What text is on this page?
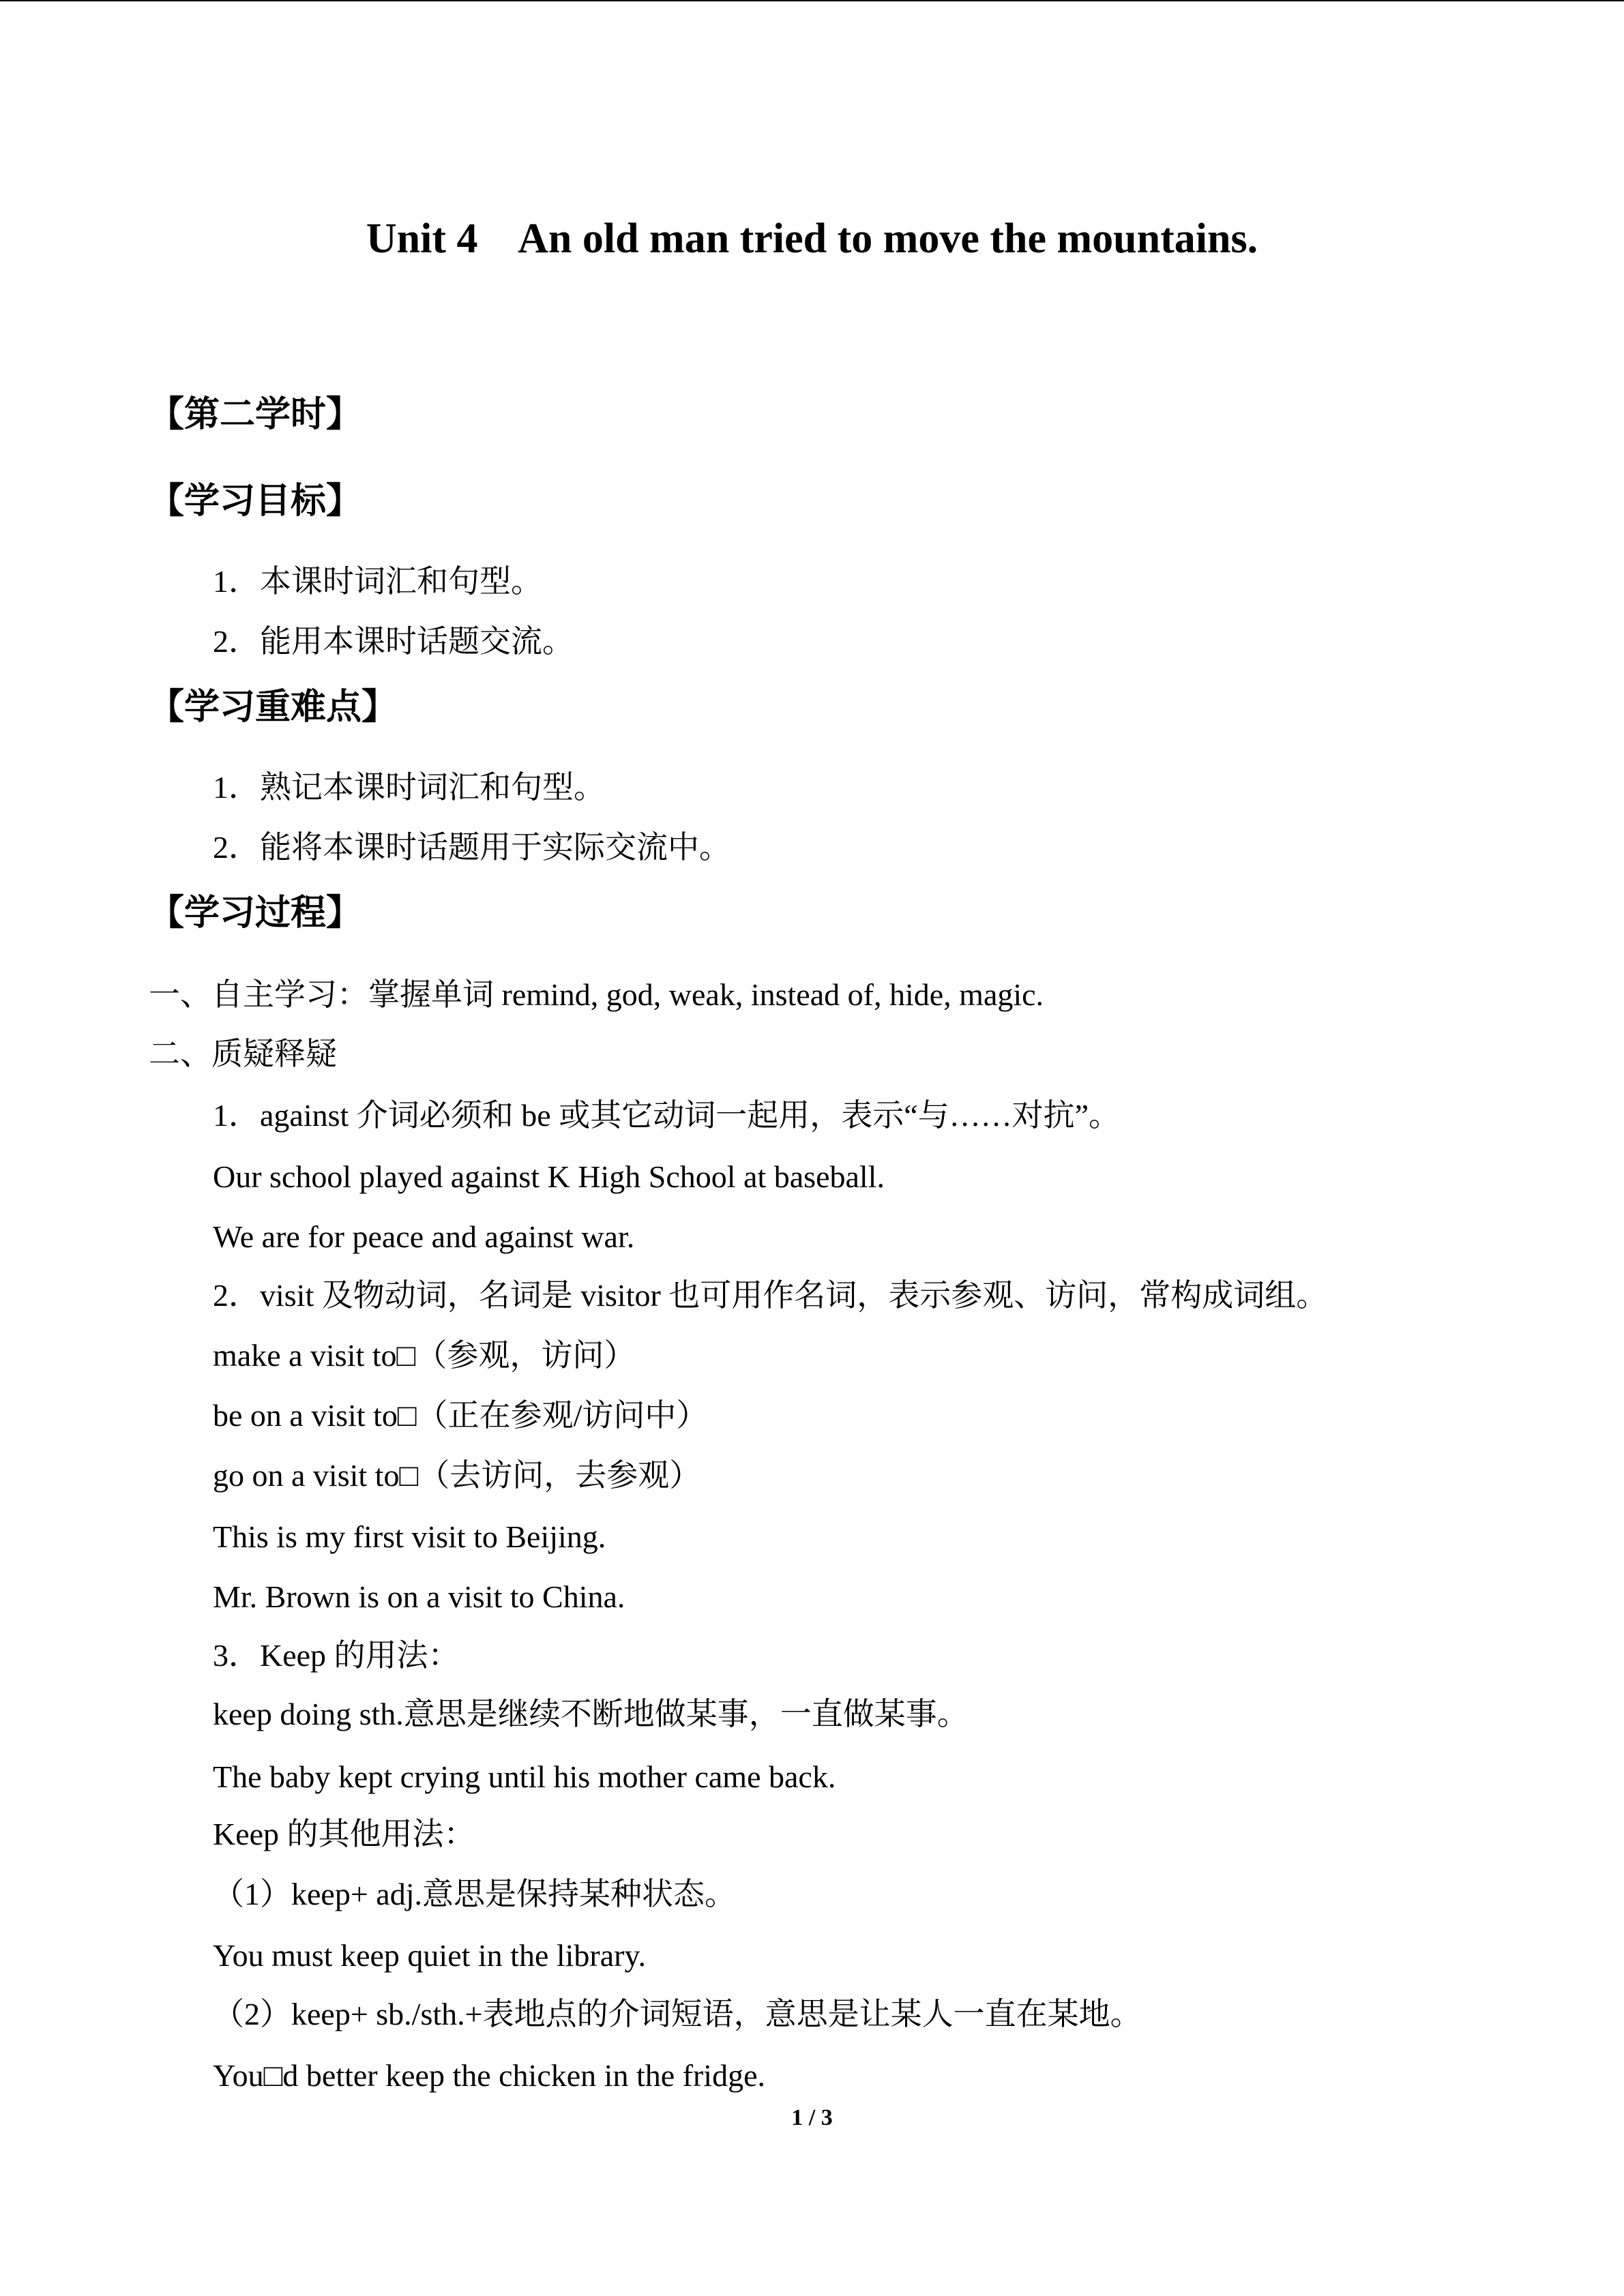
Unit 4    An old man tried to move the mountains.
【第二学时】
【学习目标】
1．本课时词汇和句型。
2．能用本课时话题交流。
【学习重难点】
1．熟记本课时词汇和句型。
2．能将本课时话题用于实际交流中。
【学习过程】
一、自主学习：掌握单词 remind, god, weak, instead of, hide, magic.
二、质疑释疑
1．against 介词必须和 be 或其它动词一起用，表示“与……对抗”。
Our school played against K High School at baseball.
We are for peace and against war.
2．visit 及物动词，名词是 visitor 也可用作名词，表示参观、访问，常构成词组。
make a visit to□（参观，访问）
be on a visit to□（正在参观/访问中）
go on a visit to□（去访问，去参观）
This is my first visit to Beijing.
Mr. Brown is on a visit to China.
3．Keep 的用法：
keep doing sth.意思是继续不断地做某事，一直做某事。
The baby kept crying until his mother came back.
Keep 的其他用法：
（1）keep+ adj.意思是保持某种状态。
You must keep quiet in the library.
（2）keep+ sb./sth.+表地点的介词短语，意思是让某人一直在某地。
You□d better keep the chicken in the fridge.
1 / 3
